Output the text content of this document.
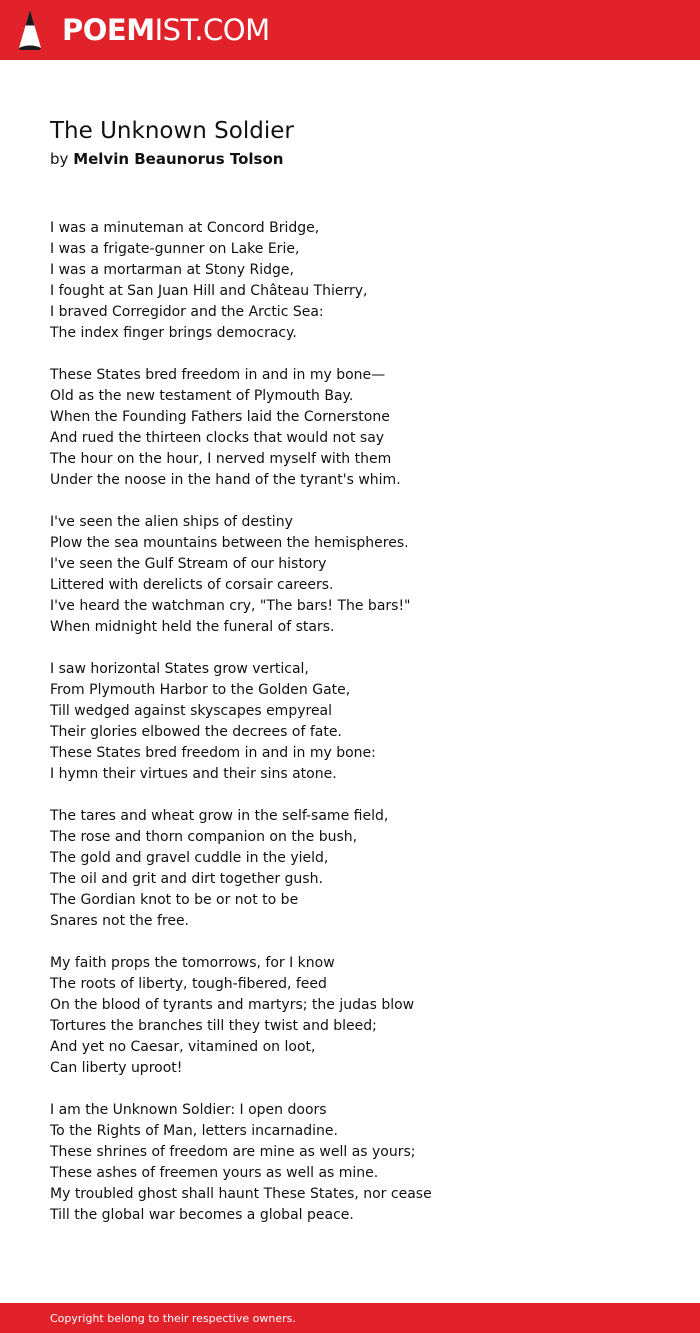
POEMIST.COM
The Unknown Soldier
by Melvin Beaunorus Tolson
I was a minuteman at Concord Bridge,
I was a frigate-gunner on Lake Erie,
I was a mortarman at Stony Ridge,
I fought at San Juan Hill and Château Thierry,
I braved Corregidor and the Arctic Sea:
The index finger brings democracy.
These States bred freedom in and in my bone—
Old as the new testament of Plymouth Bay.
When the Founding Fathers laid the Cornerstone
And rued the thirteen clocks that would not say
The hour on the hour, I nerved myself with them
Under the noose in the hand of the tyrant's whim.
I've seen the alien ships of destiny
Plow the sea mountains between the hemispheres.
I've seen the Gulf Stream of our history
Littered with derelicts of corsair careers.
I've heard the watchman cry, "The bars! The bars!"
When midnight held the funeral of stars.
I saw horizontal States grow vertical,
From Plymouth Harbor to the Golden Gate,
Till wedged against skyscapes empyreal
Their glories elbowed the decrees of fate.
These States bred freedom in and in my bone:
I hymn their virtues and their sins atone.
The tares and wheat grow in the self-same field,
The rose and thorn companion on the bush,
The gold and gravel cuddle in the yield,
The oil and grit and dirt together gush.
The Gordian knot to be or not to be
Snares not the free.
My faith props the tomorrows, for I know
The roots of liberty, tough-fibered, feed
On the blood of tyrants and martyrs; the judas blow
Tortures the branches till they twist and bleed;
And yet no Caesar, vitamined on loot,
Can liberty uproot!
I am the Unknown Soldier: I open doors
To the Rights of Man, letters incarnadine.
These shrines of freedom are mine as well as yours;
These ashes of freemen yours as well as mine.
My troubled ghost shall haunt These States, nor cease
Till the global war becomes a global peace.
Copyright belong to their respective owners.
